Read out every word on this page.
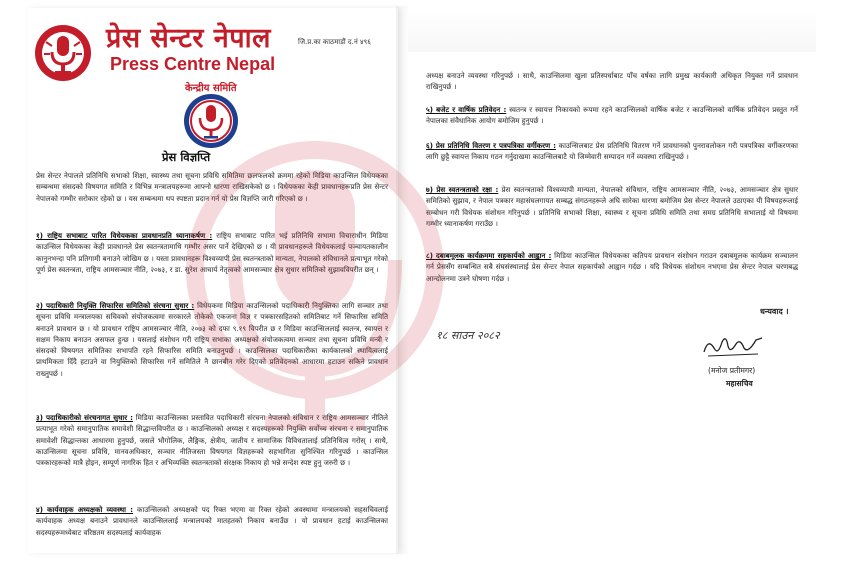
प्रेस सेन्टर नेपाल
Press Centre Nepal
केन्द्रीय समिति
जि.प्र.का काठमाडौं द.नं ४९६
प्रेस विज्ञप्ति
प्रेस सेन्टर नेपालले प्रतिनिधि सभाको शिक्षा, स्वास्थ्य तथा सूचना प्रविधि समितिमा छलफलको क्रममा रहेको मिडिया काउन्सिल विधेयकका सम्बन्धमा संसदको विषयगत समिति र विभिन्न मन्त्रालयहरूमा आफ्नो धारणा राखिसकेको छ । विधेयकका केही प्रावधानहरूप्रति प्रेस सेन्टर नेपालको गम्भीर सरोकार रहेको छ । यस सम्बन्धमा थप स्पष्टता प्रदान गर्न यो प्रेस विज्ञप्ति जारी गरिएको छ ।
१) राष्ट्रिय सभाबाट पारित विधेयकका प्रावधानप्रति ध्यानाकर्षण : राष्ट्रिय सभाबाट पारित भई प्रतिनिधि सभामा विचाराधीन मिडिया काउन्सिल विधेयकका केही प्रावधानले प्रेस स्वतन्त्रतामाथि गम्भीर असर पार्ने देखिएको छ । यी प्रावधानहरूले विधेयकलाई पञ्चायतकालीन कानुनभन्दा पनि प्रतिगामी बनाउने जोखिम छ । यस्ता प्रावधानहरू विश्वव्यापी प्रेस स्वतन्त्रताको मान्यता, नेपालको संविधानले प्रत्याभूत गरेको पूर्ण प्रेस स्वतन्त्रता, राष्ट्रिय आमसञ्चार नीति, २०७३, र डा. सुरेश आचार्य नेतृत्वको आमसञ्चार क्षेत्र सुधार समितिको सुझावविपरीत छन् ।
२) पदाधिकारी नियुक्ति सिफारिस समितिको संरचना सुधार : विधेयकमा मिडिया काउन्सिलको पदाधिकारी नियुक्तिका लागि सञ्चार तथा सूचना प्रविधि मन्त्रालयका सचिवको संयोजकत्वमा सरकारले तोकेको एकजना विज्ञ र पत्रकारसहितको समितिबाट गर्ने सिफारिस समिति बनाउने प्रावधान छ । यो प्रावधान राष्ट्रिय आमसञ्चार नीति, २०७३ को दफा ९.१९ विपरीत छ र मिडिया काउन्सिललाई स्वतन्त्र, स्वायत्त र सक्षम निकाय बनाउन असफल हुन्छ । यसलाई संशोधन गरी राष्ट्रिय सभाका अध्यक्षको संयोजकत्वमा सञ्चार तथा सूचना प्रविधि मन्त्री र संसदको विषयगत समितिका सभापति रहने सिफारिस समिति बनाउनुपर्छ । काउन्सिलका पदाधिकारीका कार्यकालको स्थायित्वलाई प्राथमिकता दिँदै हटाउने वा नियुक्तिको सिफारिस गर्ने समितिले नै छानबीन गरेर दिएको प्रतिवेदनको आधारमा हटाउन सकिने प्रावधान राख्नुपर्छ ।
३) पदाधिकारीको संरचनागत सुधार : मिडिया काउन्सिलका प्रस्तावित पदाधिकारी संरचना नेपालको संविधान र राष्ट्रिय आमसञ्चार नीतिले प्रत्याभूत गरेको समानुपातिक समावेशी सिद्धान्तविपरीत छ । काउन्सिलको अध्यक्ष र सदस्यहरूको नियुक्ति सर्वोच्च संरचना र समानुपातिक समावेशी सिद्धान्तका आधारमा हुनुपर्छ, जसले भौगोलिक, लैङ्गिक, क्षेत्रीय, जातीय र सामाजिक विविधतालाई प्रतिनिधित्व गरोस् । साथै, काउन्सिलमा सूचना प्रविधि, मानवअधिकार, सञ्चार नीतिजस्ता विषयगत विज्ञहरूको सहभागिता सुनिश्चित गरिनुपर्छ । काउन्सिल पत्रकारहरूको मात्रै होइन, सम्पूर्ण नागरिक हित र अभिव्यक्ति स्वतन्त्रताको संरक्षक निकाय हो भन्ने सन्देश स्पष्ट हुनु जरुरी छ ।
४) कार्यवाहक अध्यक्षको व्यवस्था : काउन्सिलको अध्यक्षको पद रिक्त भएमा वा रिक्त रहेको अवस्थामा मन्त्रालयको सहसचिवलाई कार्यवाहक अध्यक्ष बनाउने प्रावधानले काउन्सिललाई मन्त्रालयको मातहतको निकाय बनाउँछ । यो प्रावधान हटाई काउन्सिलका सदस्यहरूमध्येबाट वरिष्ठतम सदस्यलाई कार्यवाहक
अध्यक्ष बनाउने व्यवस्था गरिनुपर्छ । साथै, काउन्सिलमा खुला प्रतिस्पर्धाबाट पाँच वर्षका लागि प्रमुख कार्यकारी अधिकृत नियुक्त गर्ने प्रावधान राखिनुपर्छ ।
५) बजेट र वार्षिक प्रतिवेदन : स्वतन्त्र र स्वायत्त निकायको रूपमा रहने काउन्सिलको वार्षिक बजेट र काउन्सिलको वार्षिक प्रतिवेदन प्रस्तुत गर्ने नेपालका संवैधानिक आयोग बमोजिम हुनुपर्छ ।
६) प्रेस प्रतिनिधि वितरण र पत्रपत्रिका वर्गीकरण : काउन्सिलबाट प्रेस प्रतिनिधि वितरण गर्ने प्रावधानको पुनरावलोकन गरी पत्रपत्रिका वर्गीकरणका लागि छुट्टै स्वायत्त निकाय गठन गर्नुदाखमा काउन्सिलबाटै यो जिम्मेवारी सम्पादन गर्ने व्यवस्था राखिनुपर्छ ।
७) प्रेस स्वतन्त्रताको रक्षा : प्रेस स्वतन्त्रताको विश्वव्यापी मान्यता, नेपालको संविधान, राष्ट्रिय आमसञ्चार नीति, २०७३, आमसञ्चार क्षेत्र सुधार समितिको सुझाव, र नेपाल पत्रकार महासंघलगायत सम्बद्ध संगठनहरूले अघि सारेका धारणा बमोजिम प्रेस सेन्टर नेपालले उठाएका यी विषयहरूलाई सम्बोधन गरी विधेयक संशोधन गरिनुपर्छ । प्रतिनिधि सभाको शिक्षा, स्वास्थ्य र सूचना प्रविधि समिति तथा समग्र प्रतिनिधि सभालाई यो विषयमा गम्भीर ध्यानाकर्षण गराउँछ ।
८) दबाबमूलक कार्यक्रममा सहकार्यको आह्वान : मिडिया काउन्सिल विधेयकका कतिपय प्रावधान संशोधन गराउन दबाबमूलक कार्यक्रम सञ्चालन गर्न प्रेससँग सम्बन्धित सबै संघसंस्थालाई प्रेस सेन्टर नेपाल सहकार्यको आह्वान गर्दछ । यदि विधेयक संशोधन नभएमा प्रेस सेन्टर नेपाल चरणबद्ध आन्दोलनमा उत्रने घोषणा गर्दछ ।
धन्यवाद ।
१८ साउन २०८२
(मनोज प्रतीमगर)
महासचिव
